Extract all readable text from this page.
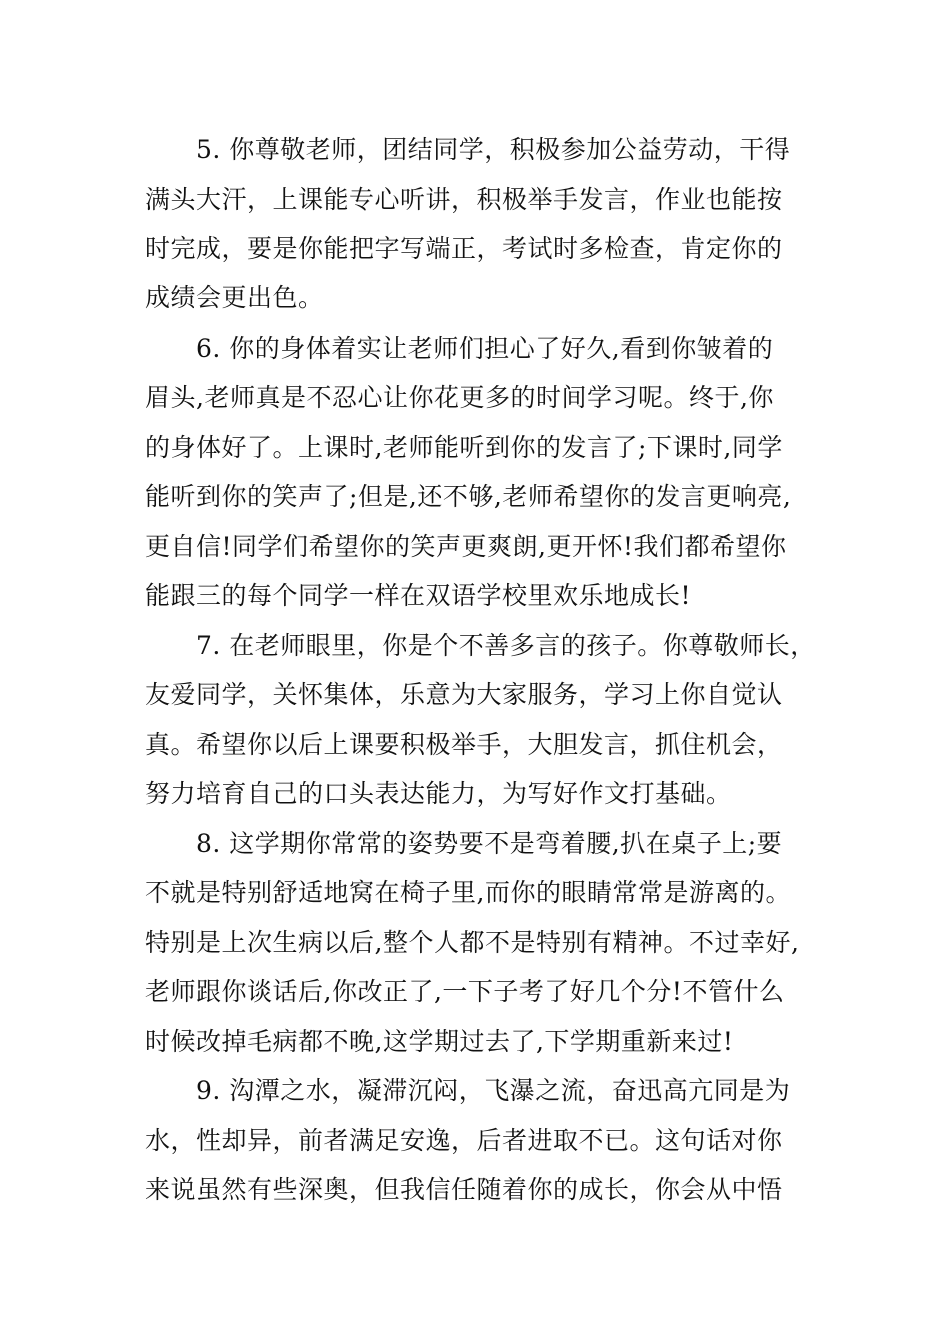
5. 你尊敬老师，团结同学，积极参加公益劳动，干得
满头大汗，上课能专心听讲，积极举手发言，作业也能按
时完成，要是你能把字写端正，考试时多检查，肯定你的
成绩会更出色。
6. 你的身体着实让老师们担心了好久,看到你皱着的
眉头,老师真是不忍心让你花更多的时间学习呢。终于,你
的身体好了。上课时,老师能听到你的发言了;下课时,同学
能听到你的笑声了;但是,还不够,老师希望你的发言更响亮,
更自信!同学们希望你的笑声更爽朗,更开怀!我们都希望你
能跟三的每个同学一样在双语学校里欢乐地成长!
7. 在老师眼里，你是个不善多言的孩子。你尊敬师长，
友爱同学，关怀集体，乐意为大家服务，学习上你自觉认
真。希望你以后上课要积极举手，大胆发言，抓住机会，
努力培育自己的口头表达能力，为写好作文打基础。
8. 这学期你常常的姿势要不是弯着腰,扒在桌子上;要
不就是特别舒适地窝在椅子里,而你的眼睛常常是游离的。
特别是上次生病以后,整个人都不是特别有精神。不过幸好,
老师跟你谈话后,你改正了,一下子考了好几个分!不管什么
时候改掉毛病都不晚,这学期过去了,下学期重新来过!
9. 沟潭之水，凝滞沉闷，飞瀑之流，奋迅高亢同是为
水，性却异，前者满足安逸，后者进取不已。这句话对你
来说虽然有些深奥，但我信任随着你的成长，你会从中悟
